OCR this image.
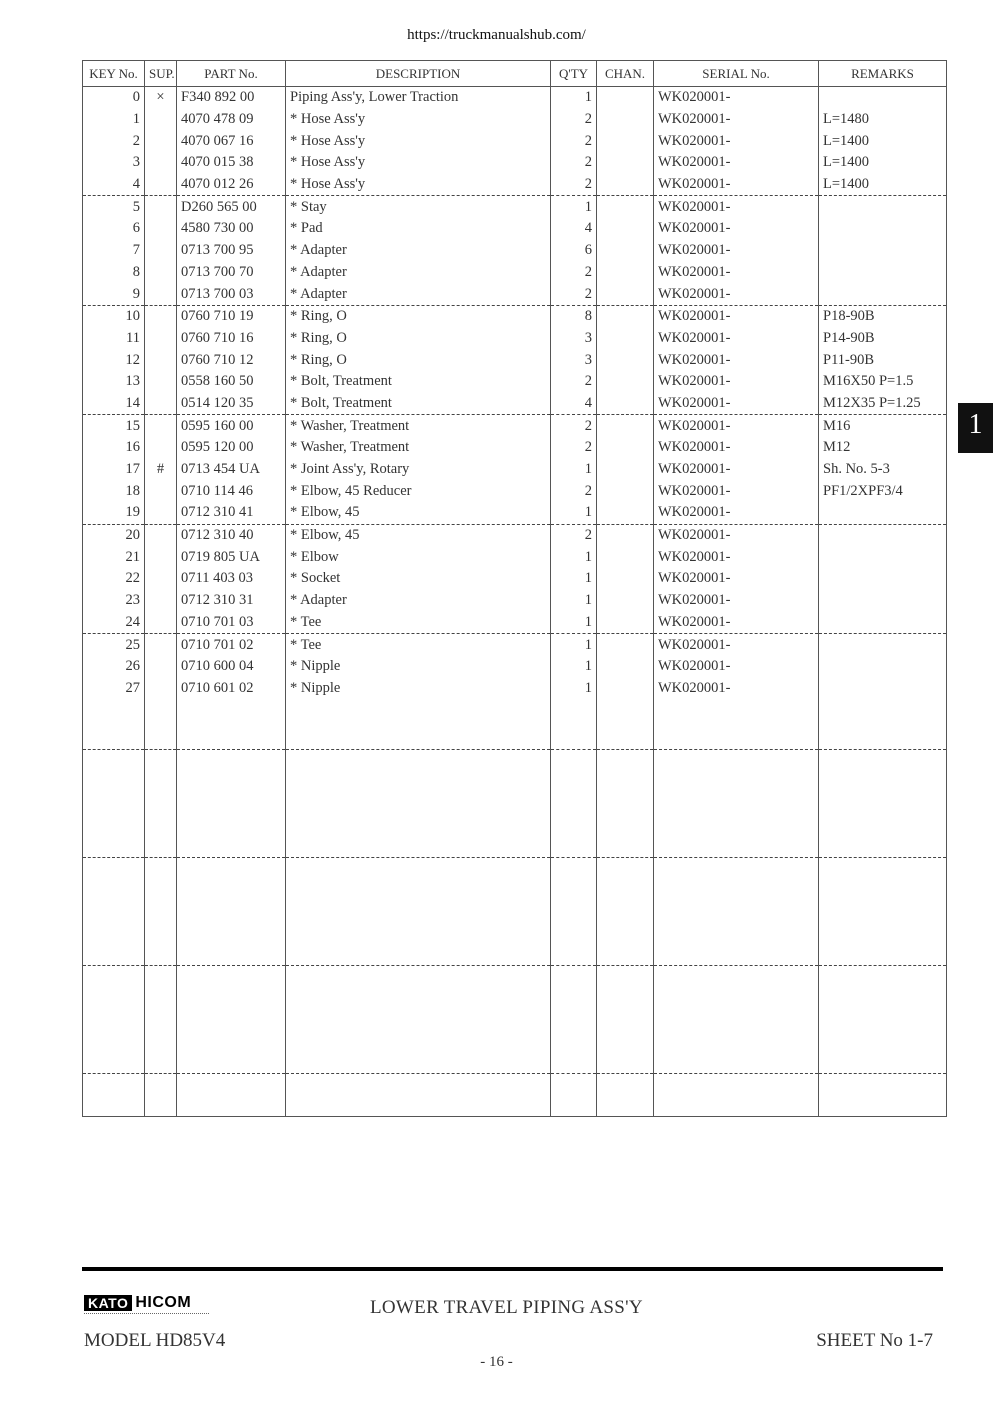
https://truckmanualshub.com/
KEY No.	SUP.	PART No.	DESCRIPTION	Q'TY	CHAN.	SERIAL No.	REMARKS
0	×	F340 892 00	Piping Ass'y, Lower Traction	1		WK020001-	
1		4070 478 09	* Hose Ass'y	2		WK020001-	L=1480
2		4070 067 16	* Hose Ass'y	2		WK020001-	L=1400
3		4070 015 38	* Hose Ass'y	2		WK020001-	L=1400
4		4070 012 26	* Hose Ass'y	2		WK020001-	L=1400
5		D260 565 00	* Stay	1		WK020001-	
6		4580 730 00	* Pad	4		WK020001-	
7		0713 700 95	* Adapter	6		WK020001-	
8		0713 700 70	* Adapter	2		WK020001-	
9		0713 700 03	* Adapter	2		WK020001-	
10		0760 710 19	* Ring, O	8		WK020001-	P18-90B
11		0760 710 16	* Ring, O	3		WK020001-	P14-90B
12		0760 710 12	* Ring, O	3		WK020001-	P11-90B
13		0558 160 50	* Bolt, Treatment	2		WK020001-	M16X50 P=1.5
14		0514 120 35	* Bolt, Treatment	4		WK020001-	M12X35 P=1.25
15		0595 160 00	* Washer, Treatment	2		WK020001-	M16
16		0595 120 00	* Washer, Treatment	2		WK020001-	M12
17	#	0713 454 UA	* Joint Ass'y, Rotary	1		WK020001-	Sh. No. 5-3
18		0710 114 46	* Elbow, 45 Reducer	2		WK020001-	PF1/2XPF3/4
19		0712 310 41	* Elbow, 45	1		WK020001-	
20		0712 310 40	* Elbow, 45	2		WK020001-	
21		0719 805 UA	* Elbow	1		WK020001-	
22		0711 403 03	* Socket	1		WK020001-	
23		0712 310 31	* Adapter	1		WK020001-	
24		0710 701 03	* Tee	1		WK020001-	
25		0710 701 02	* Tee	1		WK020001-	
26		0710 600 04	* Nipple	1		WK020001-	
27		0710 601 02	* Nipple	1		WK020001-	

1
KATO HICOM	LOWER TRAVEL PIPING ASS'Y
MODEL HD85V4	SHEET No 1-7
- 16 -
